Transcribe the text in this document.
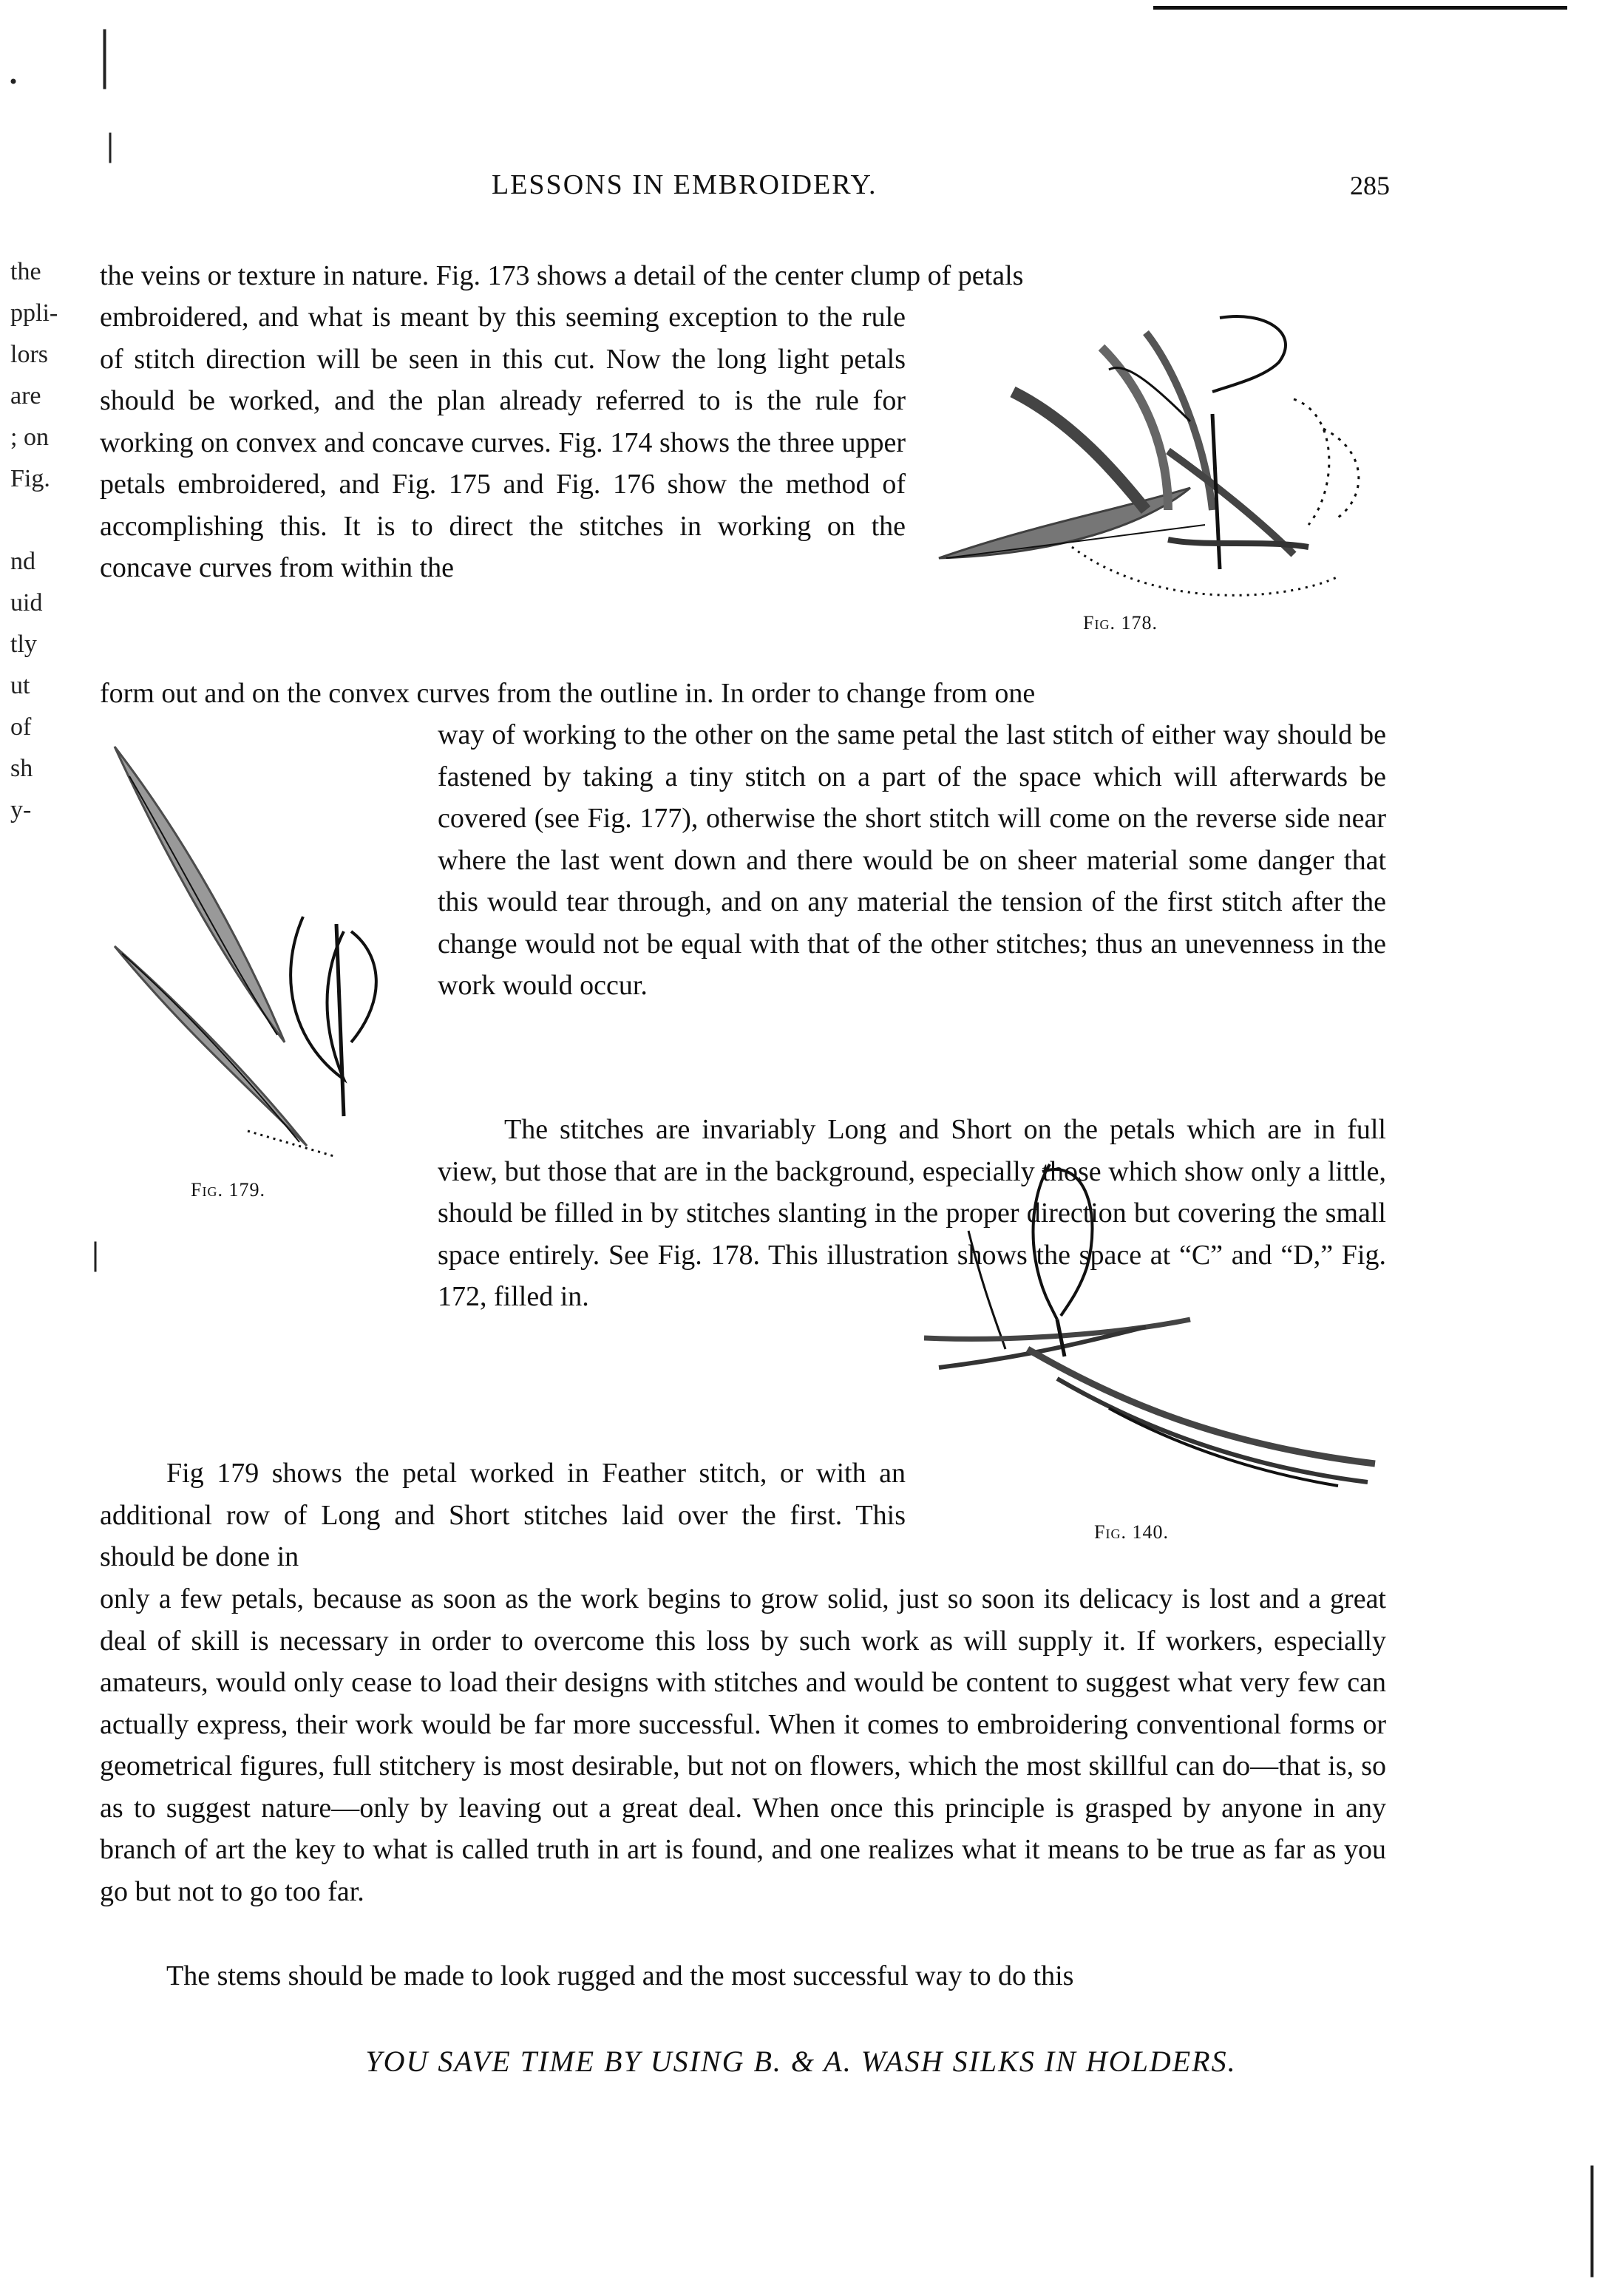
LESSONS IN EMBROIDERY.	285
the
ppli-
lors
are
; on
Fig.
nd
uid
tly
ut
of
sh
y-
the veins or texture in nature. Fig. 173 shows a detail of the center clump of petals
embroidered, and what is meant by this seeming exception to the rule of stitch direction will be seen in this cut. Now the long light petals should be worked, and the plan already referred to is the rule for working on convex and concave curves. Fig. 174 shows the three upper petals embroidered, and Fig. 175 and Fig. 176 show the method of accomplishing this. It is to direct the stitches in working on the concave curves from within the
form out and on the convex curves from the outline in. In order to change from one
way of working to the other on the same petal the last stitch of either way should be fastened by taking a tiny stitch on a part of the space which will afterwards be covered (see Fig. 177), otherwise the short stitch will come on the reverse side near where the last went down and there would be on sheer material some danger that this would tear through, and on any material the tension of the first stitch after the change would not be equal with that of the other stitches; thus an unevenness in the work would occur.
The stitches are invariably Long and Short on the petals which are in full view, but those that are in the background, especially those which show only a little, should be filled in by stitches slanting in the proper direction but covering the small space entirely. See Fig. 178. This illustration shows the space at “C” and “D,” Fig. 172, filled in.
Fig 179 shows the petal worked in Feather stitch, or with an additional row of Long and Short stitches laid over the first. This should be done in
only a few petals, because as soon as the work begins to grow solid, just so soon its delicacy is lost and a great deal of skill is necessary in order to overcome this loss by such work as will supply it. If workers, especially amateurs, would only cease to load their designs with stitches and would be content to suggest what very few can actually express, their work would be far more successful. When it comes to embroidering conventional forms or geometrical figures, full stitchery is most desirable, but not on flowers, which the most skillful can do—that is, so as to suggest nature—only by leaving out a great deal. When once this principle is grasped by anyone in any branch of art the key to what is called truth in art is found, and one realizes what it means to be true as far as you go but not to go too far.
The stems should be made to look rugged and the most successful way to do this
Fig. 178.
Fig. 179.
Fig. 140.
YOU SAVE TIME BY USING B. & A. WASH SILKS IN HOLDERS.
